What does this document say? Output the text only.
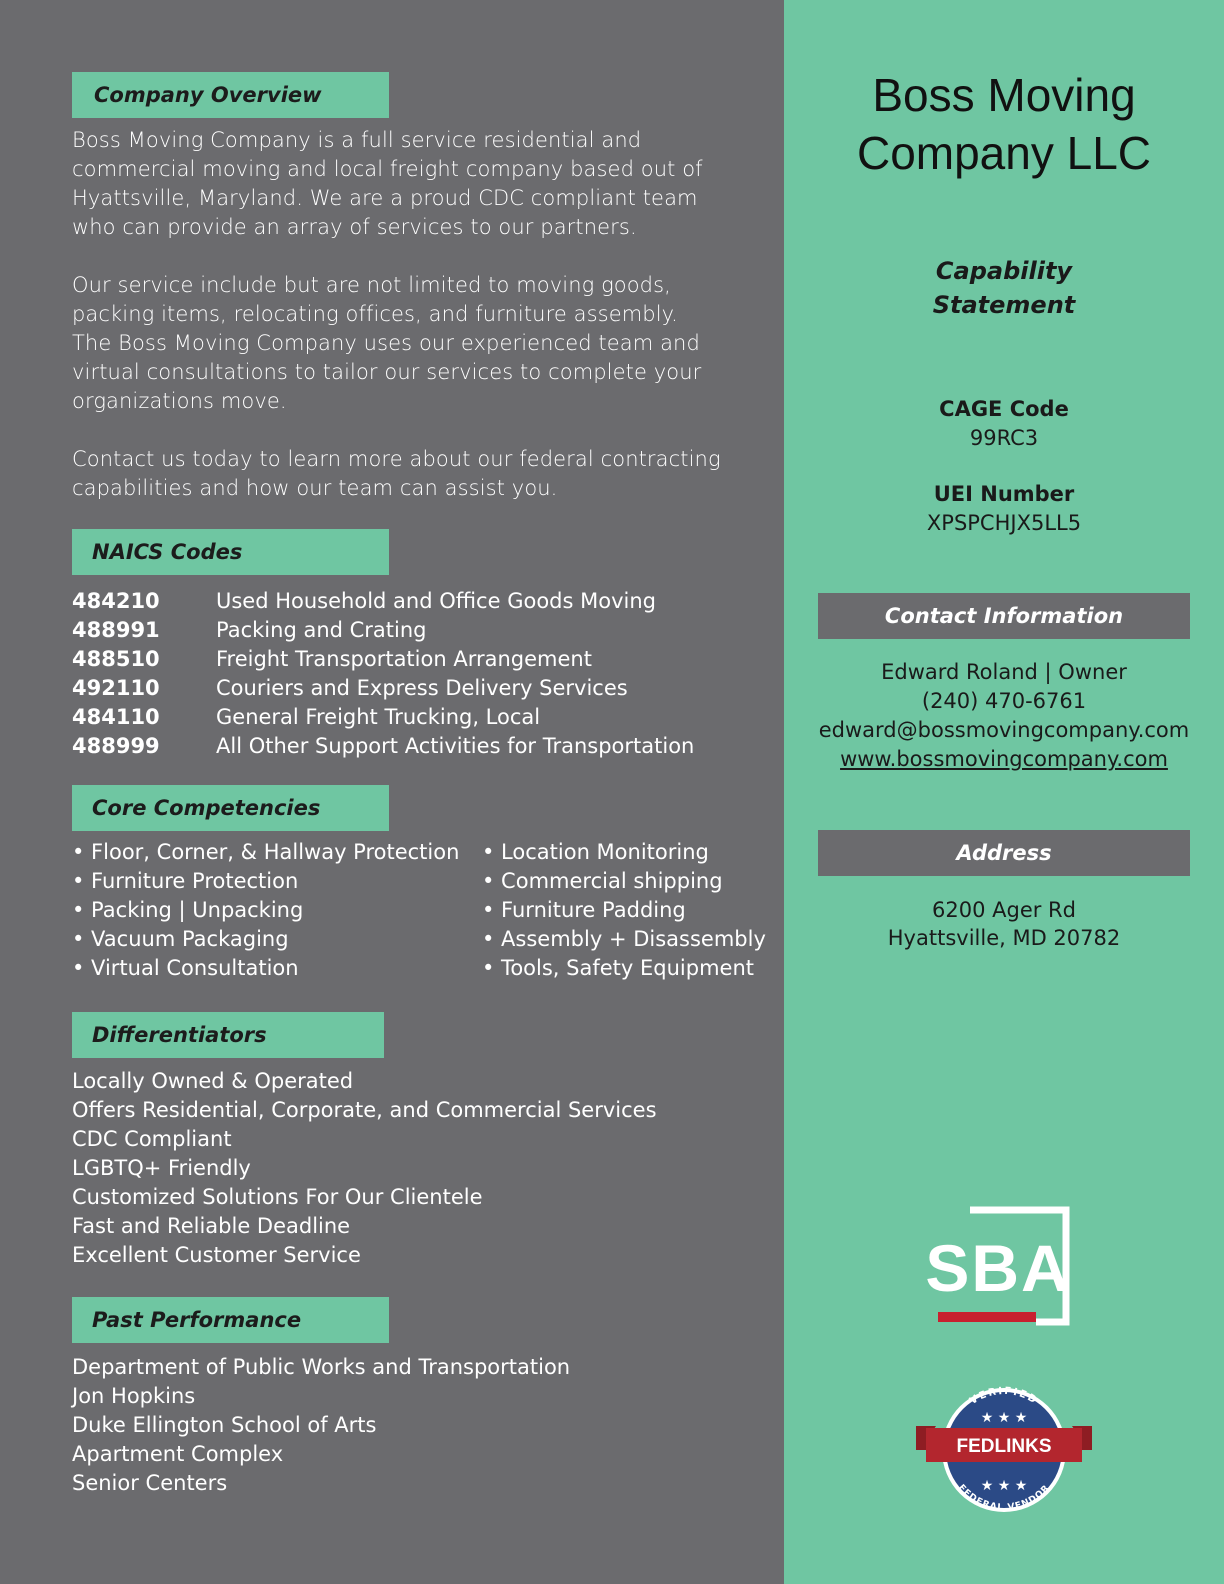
Company Overview

Boss Moving Company is a full service residential and
commercial moving and local freight company based out of
Hyattsville, Maryland. We are a proud CDC compliant team
who can provide an array of services to our partners.

Our service include but are not limited to moving goods,
packing items, relocating offices, and furniture assembly.
The Boss Moving Company uses our experienced team and
virtual consultations to tailor our services to complete your
organizations move.

Contact us today to learn more about our federal contracting
capabilities and how our team can assist you.

NAICS Codes
484210	Used Household and Office Goods Moving
488991	Packing and Crating
488510	Freight Transportation Arrangement
492110	Couriers and Express Delivery Services
484110	General Freight Trucking, Local
488999	All Other Support Activities for Transportation
Core Competencies
• Floor, Corner, & Hallway Protection
• Furniture Protection
• Packing | Unpacking
• Vacuum Packaging
• Virtual Consultation
• Location Monitoring
• Commercial shipping
• Furniture Padding
• Assembly + Disassembly
• Tools, Safety Equipment
Differentiators
Locally Owned & Operated
Offers Residential, Corporate, and Commercial Services
CDC Compliant
LGBTQ+ Friendly
Customized Solutions For Our Clientele
Fast and Reliable Deadline
Excellent Customer Service
Past Performance
Department of Public Works and Transportation
Jon Hopkins
Duke Ellington School of Arts
Apartment Complex
Senior Centers
Boss Moving
Company LLC
Capability
Statement
CAGE Code
99RC3
UEI Number
XPSPCHJX5LL5
Edward Roland | Owner
(240) 470-6761
edward@bossmovingcompany.com
www.bossmovingcompany.com
6200 Ager Rd
Hyattsville, MD 20782
Contact Information
Address
SBA
VERIFIED
FEDERAL VENDOR
★ ★ ★
★ ★ ★
FEDLINKS
